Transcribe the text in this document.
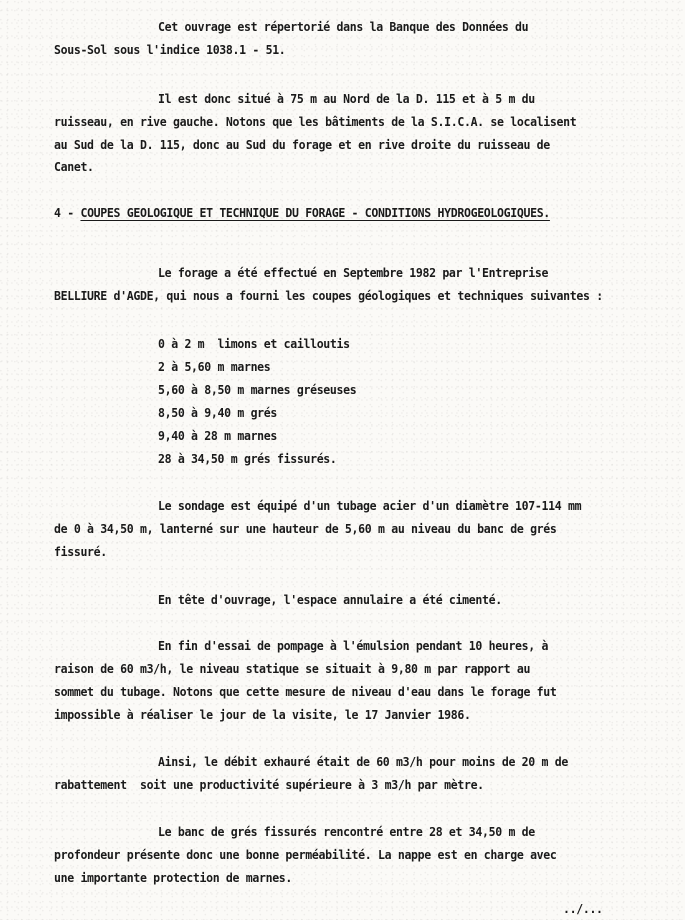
Cet ouvrage est répertorié dans la Banque des Données du
Sous-Sol sous l'indice 1038.1 - 51.
Il est donc situé à 75 m au Nord de la D. 115 et à 5 m du
ruisseau, en rive gauche. Notons que les bâtiments de la S.I.C.A. se localisent
au Sud de la D. 115, donc au Sud du forage et en rive droite du ruisseau de
Canet.
4 - COUPES GEOLOGIQUE ET TECHNIQUE DU FORAGE - CONDITIONS HYDROGEOLOGIQUES.
Le forage a été effectué en Septembre 1982 par l'Entreprise
BELLIURE d'AGDE, qui nous a fourni les coupes géologiques et techniques suivantes :
0 à 2 m  limons et cailloutis
2 à 5,60 m marnes
5,60 à 8,50 m marnes gréseuses
8,50 à 9,40 m grés
9,40 à 28 m marnes
28 à 34,50 m grés fissurés.
Le sondage est équipé d'un tubage acier d'un diamètre 107-114 mm
de 0 à 34,50 m, lanterné sur une hauteur de 5,60 m au niveau du banc de grés
fissuré.
En tête d'ouvrage, l'espace annulaire a été cimenté.
En fin d'essai de pompage à l'émulsion pendant 10 heures, à
raison de 60 m3/h, le niveau statique se situait à 9,80 m par rapport au
sommet du tubage. Notons que cette mesure de niveau d'eau dans le forage fut
impossible à réaliser le jour de la visite, le 17 Janvier 1986.
Ainsi, le débit exhauré était de 60 m3/h pour moins de 20 m de
rabattement  soit une productivité supérieure à 3 m3/h par mètre.
Le banc de grés fissurés rencontré entre 28 et 34,50 m de
profondeur présente donc une bonne perméabilité. La nappe est en charge avec
une importante protection de marnes.
../...
